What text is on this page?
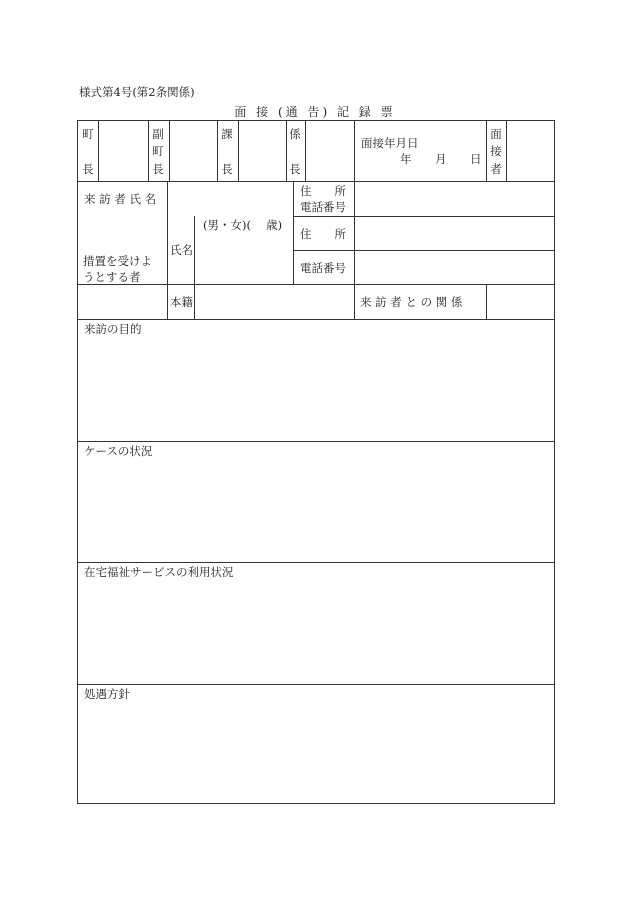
様式第4号(第2条関係)
面 接 (通 告) 記 録 票
町
長
副
町
長
課
長
係
長
面接年月日
年 月 日
面
接
者
来 訪 者 氏 名
住　　所
電話番号
措置を受けようとする者
氏名
(男・女)(　 歳)
住　　所
電話番号
本籍	来 訪 者 と の 関 係
来訪の目的
ケースの状況
在宅福祉サービスの利用状況
処遇方針
